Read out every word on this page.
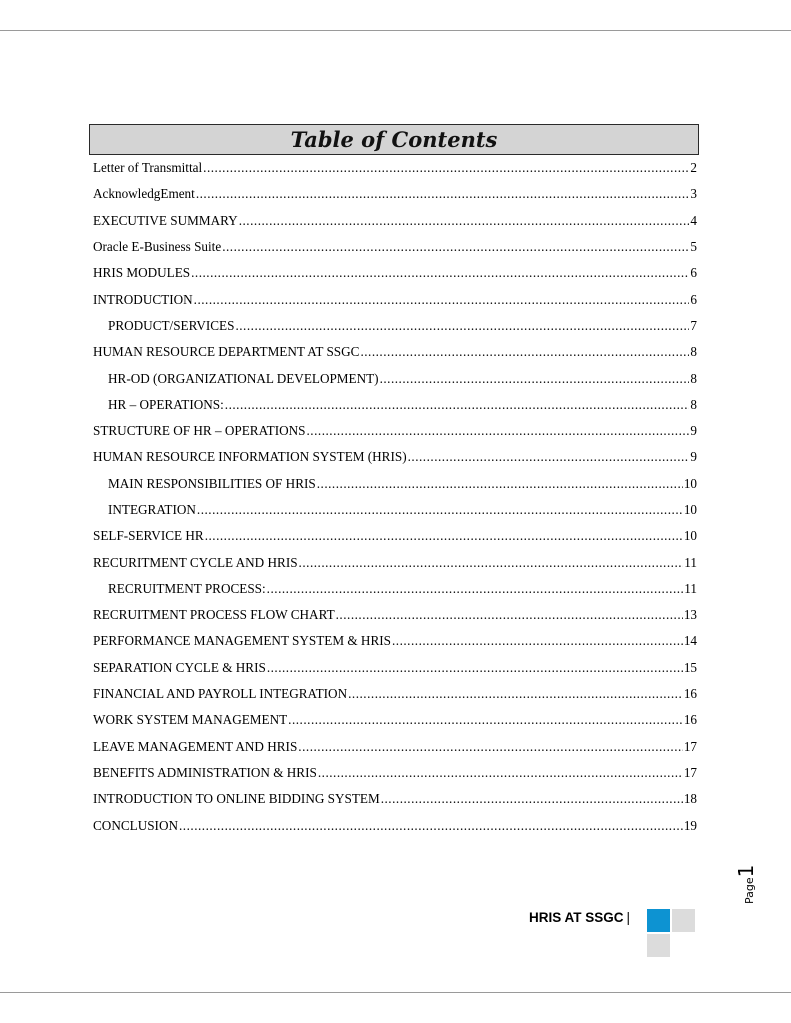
Table of Contents
Letter of Transmittal .....	2
AcknowledgEment .....	3
EXECUTIVE SUMMARY .....	4
Oracle E-Business Suite .....	5
HRIS MODULES .....	6
INTRODUCTION .....	6
PRODUCT/SERVICES .....	7
HUMAN RESOURCE DEPARTMENT AT SSGC .....	8
HR-OD (ORGANIZATIONAL DEVELOPMENT) .....	8
HR – OPERATIONS: .....	8
STRUCTURE OF HR – OPERATIONS .....	9
HUMAN RESOURCE INFORMATION SYSTEM (HRIS) .....	9
MAIN RESPONSIBILITIES OF HRIS .....	10
INTEGRATION .....	10
SELF-SERVICE HR .....	10
RECURITMENT CYCLE AND HRIS .....	11
RECRUITMENT PROCESS: .....	11
RECRUITMENT PROCESS FLOW CHART .....	13
PERFORMANCE MANAGEMENT SYSTEM & HRIS .....	14
SEPARATION CYCLE & HRIS .....	15
FINANCIAL AND PAYROLL INTEGRATION .....	16
WORK SYSTEM MANAGEMENT .....	16
LEAVE MANAGEMENT AND HRIS .....	17
BENEFITS ADMINISTRATION & HRIS .....	17
INTRODUCTION TO ONLINE BIDDING SYSTEM .....	18
CONCLUSION .....	19
Page1
HRIS AT SSGC |
